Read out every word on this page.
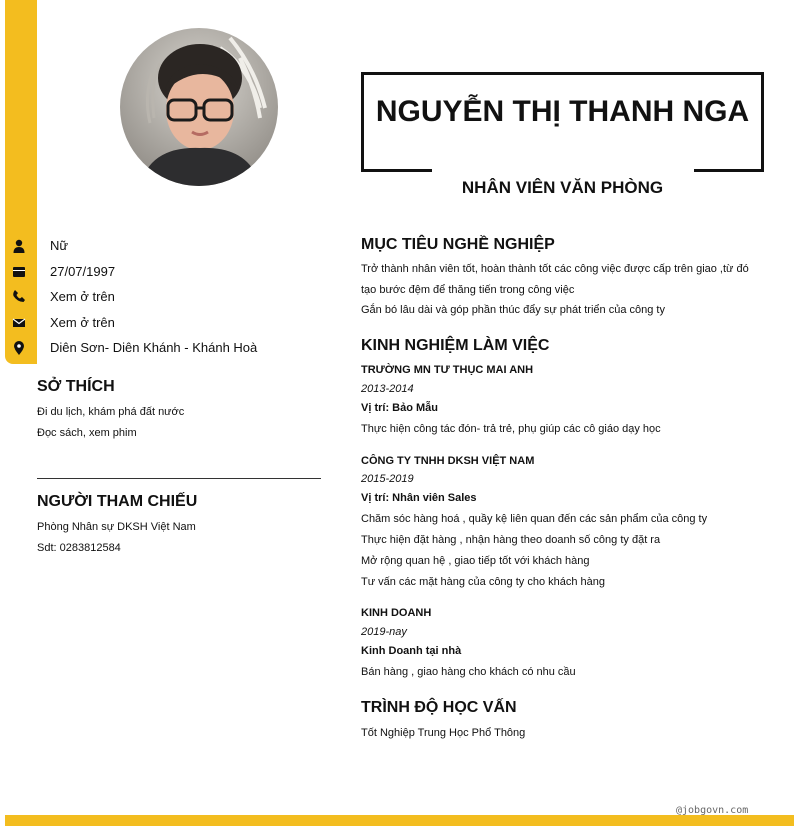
NGUYỄN THỊ THANH NGA
NHÂN VIÊN VĂN PHÒNG
Nữ
27/07/1997
Xem ở trên
Xem ở trên
Diên Sơn- Diên Khánh - Khánh Hoà
SỞ THÍCH
Đi du lịch, khám phá đất nước
Đọc sách, xem phim
NGƯỜI THAM CHIẾU
Phòng Nhân sự DKSH Việt Nam
Sdt: 0283812584
MỤC TIÊU NGHỀ NGHIỆP
Trở thành nhân viên tốt, hoàn thành tốt các công việc được cấp trên giao ,từ đó
tạo bước đệm để thăng tiến trong công việc
Gắn bó lâu dài và góp phần thúc đẩy sự phát triển của công ty
KINH NGHIỆM LÀM VIỆC
TRƯỜNG MN TƯ THỤC MAI ANH
2013-2014
Vị trí: Bảo Mẫu
Thực hiện công tác đón- trả trẻ, phụ giúp các cô giáo dạy học
CÔNG TY TNHH DKSH VIỆT NAM
2015-2019
Vị trí: Nhân viên Sales
Chăm sóc hàng hoá , quầy kệ liên quan đến các sản phẩm của công ty
Thực hiện đặt hàng , nhận hàng theo doanh số công ty đặt ra
Mở rộng quan hệ , giao tiếp tốt với khách hàng
Tư vấn các mặt hàng của công ty cho khách hàng
KINH DOANH
2019-nay
Kinh Doanh tại nhà
Bán hàng , giao hàng cho khách có nhu cầu
TRÌNH ĐỘ HỌC VẤN
Tốt Nghiệp Trung Học Phổ Thông
@jobgovn.com
